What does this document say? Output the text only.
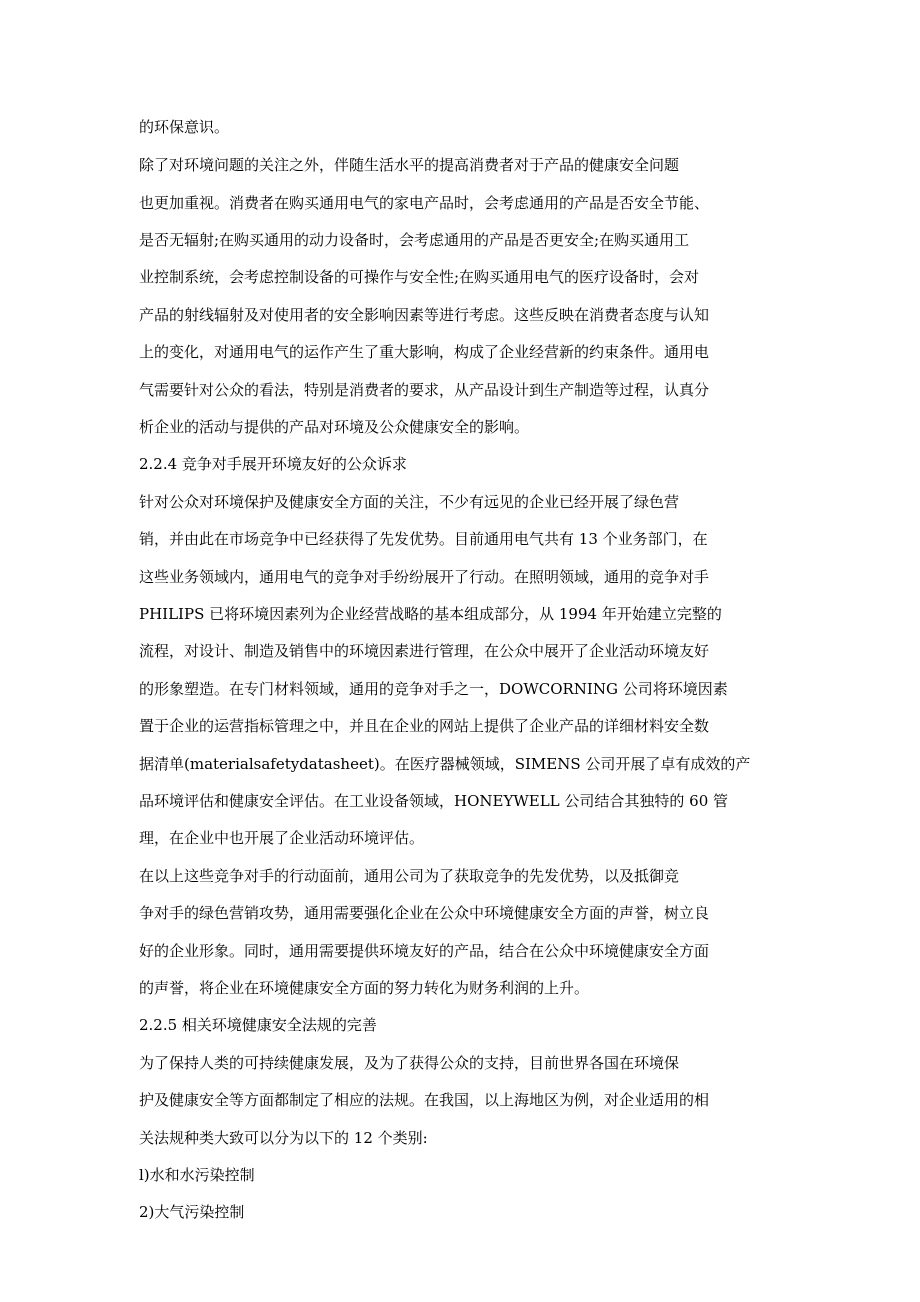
的环保意识。
除了对环境问题的关注之外，伴随生活水平的提高消费者对于产品的健康安全问题
也更加重视。消费者在购买通用电气的家电产品时，会考虑通用的产品是否安全节能、
是否无辐射;在购买通用的动力设备时，会考虑通用的产品是否更安全;在购买通用工
业控制系统，会考虑控制设备的可操作与安全性;在购买通用电气的医疗设备时，会对
产品的射线辐射及对使用者的安全影响因素等进行考虑。这些反映在消费者态度与认知
上的变化，对通用电气的运作产生了重大影响，构成了企业经营新的约束条件。通用电
气需要针对公众的看法，特别是消费者的要求，从产品设计到生产制造等过程，认真分
析企业的活动与提供的产品对环境及公众健康安全的影响。
2.2.4 竞争对手展开环境友好的公众诉求
针对公众对环境保护及健康安全方面的关注，不少有远见的企业已经开展了绿色营
销，并由此在市场竞争中已经获得了先发优势。目前通用电气共有 13 个业务部门，在
这些业务领域内，通用电气的竞争对手纷纷展开了行动。在照明领域，通用的竞争对手
PHILIPS 已将环境因素列为企业经营战略的基本组成部分，从 1994 年开始建立完整的
流程，对设计、制造及销售中的环境因素进行管理，在公众中展开了企业活动环境友好
的形象塑造。在专门材料领域，通用的竞争对手之一，DOWCORNING 公司将环境因素
置于企业的运营指标管理之中，并且在企业的网站上提供了企业产品的详细材料安全数
据清单(materialsafetydatasheet)。在医疗器械领域，SIMENS 公司开展了卓有成效的产
品环境评估和健康安全评估。在工业设备领域，HONEYWELL 公司结合其独特的 60 管
理，在企业中也开展了企业活动环境评估。
在以上这些竞争对手的行动面前，通用公司为了获取竞争的先发优势，以及抵御竞
争对手的绿色营销攻势，通用需要强化企业在公众中环境健康安全方面的声誉，树立良
好的企业形象。同时，通用需要提供环境友好的产品，结合在公众中环境健康安全方面
的声誉，将企业在环境健康安全方面的努力转化为财务利润的上升。
2.2.5 相关环境健康安全法规的完善
为了保持人类的可持续健康发展，及为了获得公众的支持，目前世界各国在环境保
护及健康安全等方面都制定了相应的法规。在我国，以上海地区为例，对企业适用的相
关法规种类大致可以分为以下的 12 个类别:
l)水和水污染控制
2)大气污染控制
